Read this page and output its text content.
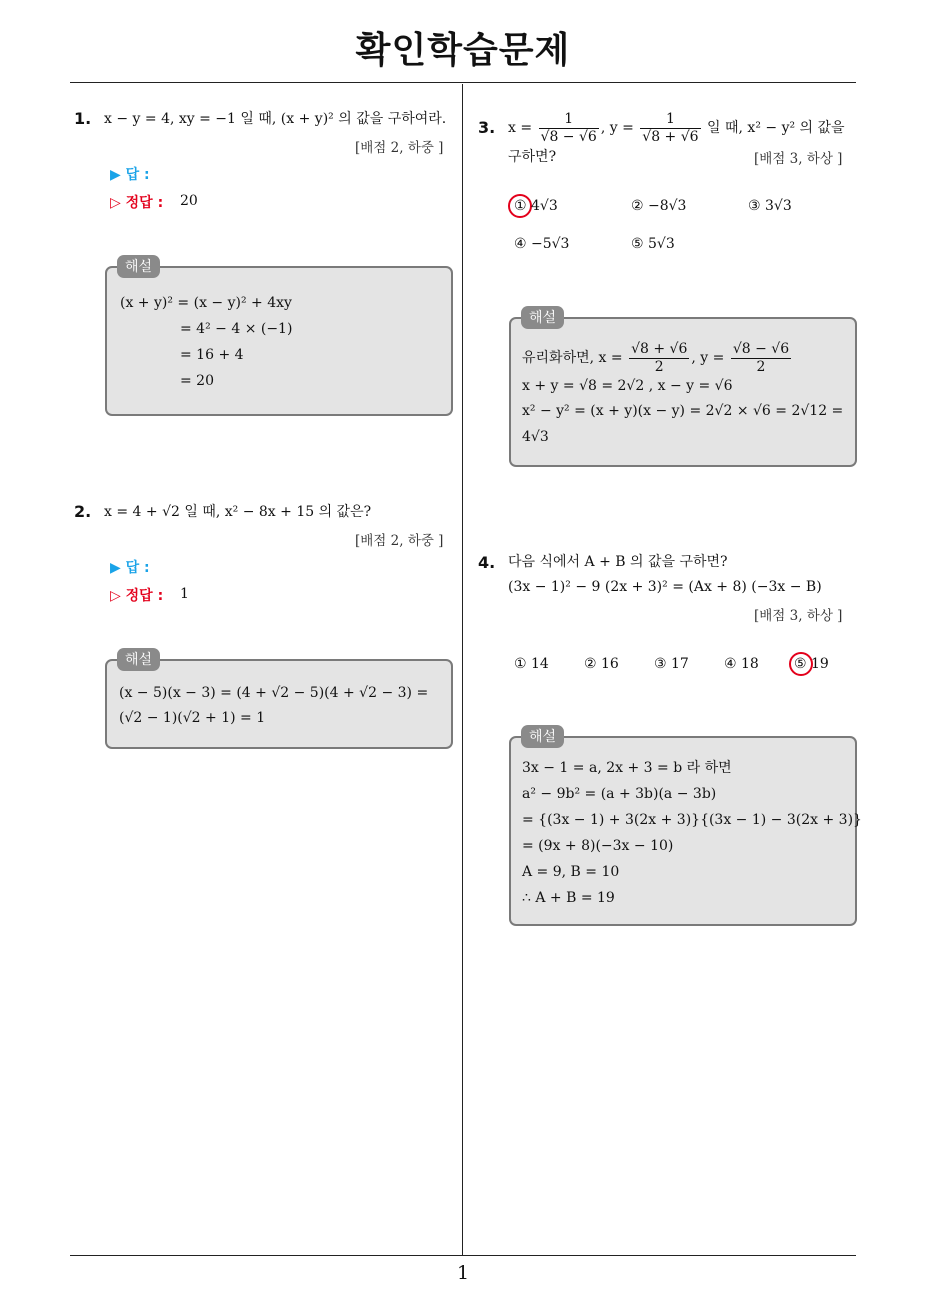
확인학습문제
1
1. x − y = 4, xy = −1 일 때, (x + y)² 의 값을 구하여라.
[배점 2, 하중 ]
▶ 답 :
▷ 정답 : 20
해설
(x + y)² = (x − y)² + 4xy
= 4² − 4 × (−1)
= 16 + 4
= 20
2. x = 4 + √2 일 때, x² − 8x + 15 의 값은?
[배점 2, 하중 ]
▶ 답 :
▷ 정답 : 1
해설
(x − 5)(x − 3) = (4 + √2 − 5)(4 + √2 − 3) =
(√2 − 1)(√2 + 1) = 1
3. $x = \frac{1}{√8 - √6}$ , $y = \frac{1}{√8 + √6}$ 일 때, x² − y² 의 값을
구하면?	[배점 3, 하상 ]
① 4√3	② −8√3	③ 3√3
④ −5√3	⑤ 5√3
해설
유리화하면, $x = \frac{√8 + √6}{2}$ , $y = \frac{√8 - √6}{2}$
x + y = √8 = 2√2 , x − y = √6
x² − y² = (x + y)(x − y) = 2√2 × √6 = 2√12 =
4√3
4. 다음 식에서 A + B 의 값을 구하면?
(3x − 1)² − 9 (2x + 3)² = (Ax + 8) (−3x − B)
[배점 3, 하상 ]
① 14	② 16	③ 17	④ 18	⑤ 19
해설
3x − 1 = a, 2x + 3 = b 라 하면
a² − 9b² = (a + 3b)(a − 3b)
= {(3x − 1) + 3(2x + 3)}{(3x − 1) − 3(2x + 3)}
= (9x + 8)(−3x − 10)
A = 9, B = 10
∴ A + B = 19
